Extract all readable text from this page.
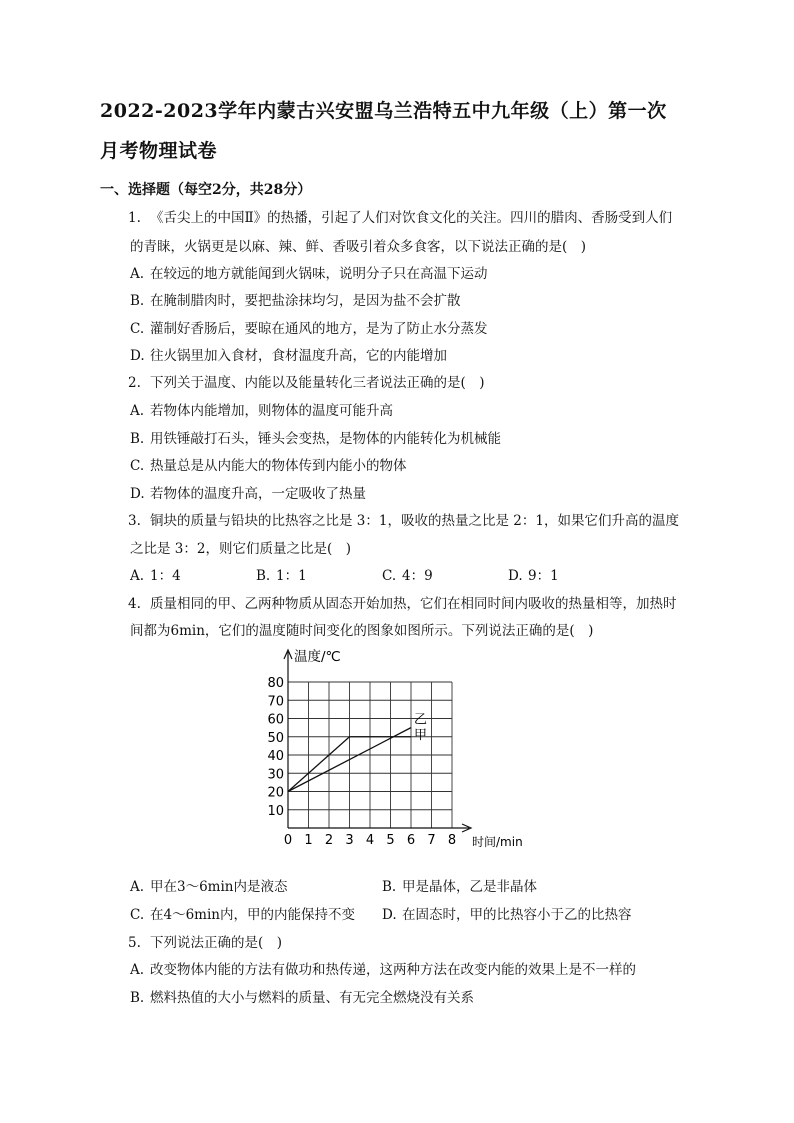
2022-2023学年内蒙古兴安盟乌兰浩特五中九年级（上）第一次
月考物理试卷
一、选择题（每空2分，共28分）
1. 《舌尖上的中国Ⅱ》的热播，引起了人们对饮食文化的关注。四川的腊肉、香肠受到人们
的青睐，火锅更是以麻、辣、鲜、香吸引着众多食客，以下说法正确的是(　)
A. 在较远的地方就能闻到火锅味，说明分子只在高温下运动
B. 在腌制腊肉时，要把盐涂抹均匀，是因为盐不会扩散
C. 灌制好香肠后，要晾在通风的地方，是为了防止水分蒸发
D. 往火锅里加入食材，食材温度升高，它的内能增加
2. 下列关于温度、内能以及能量转化三者说法正确的是(　)
A. 若物体内能增加，则物体的温度可能升高
B. 用铁锤敲打石头，锤头会变热，是物体的内能转化为机械能
C. 热量总是从内能大的物体传到内能小的物体
D. 若物体的温度升高，一定吸收了热量
3. 铜块的质量与铅块的比热容之比是 3：1，吸收的热量之比是 2：1，如果它们升高的温度
之比是 3：2，则它们质量之比是(　)
A. 1：4	B. 1：1	C. 4：9	D. 9：1
4. 质量相同的甲、乙两种物质从固态开始加热，它们在相同时间内吸收的热量相等，加热时
间都为6min，它们的温度随时间变化的图象如图所示。下列说法正确的是(　)
0 1 2 3 4 5 6 7 8
10
20
30
40
50
60
70
80
温度/℃
时间/min
乙
甲
A. 甲在3～6min内是液态	B. 甲是晶体，乙是非晶体
C. 在4～6min内，甲的内能保持不变 D. 在固态时，甲的比热容小于乙的比热容
5. 下列说法正确的是(　)
A. 改变物体内能的方法有做功和热传递，这两种方法在改变内能的效果上是不一样的
B. 燃料热值的大小与燃料的质量、有无完全燃烧没有关系
